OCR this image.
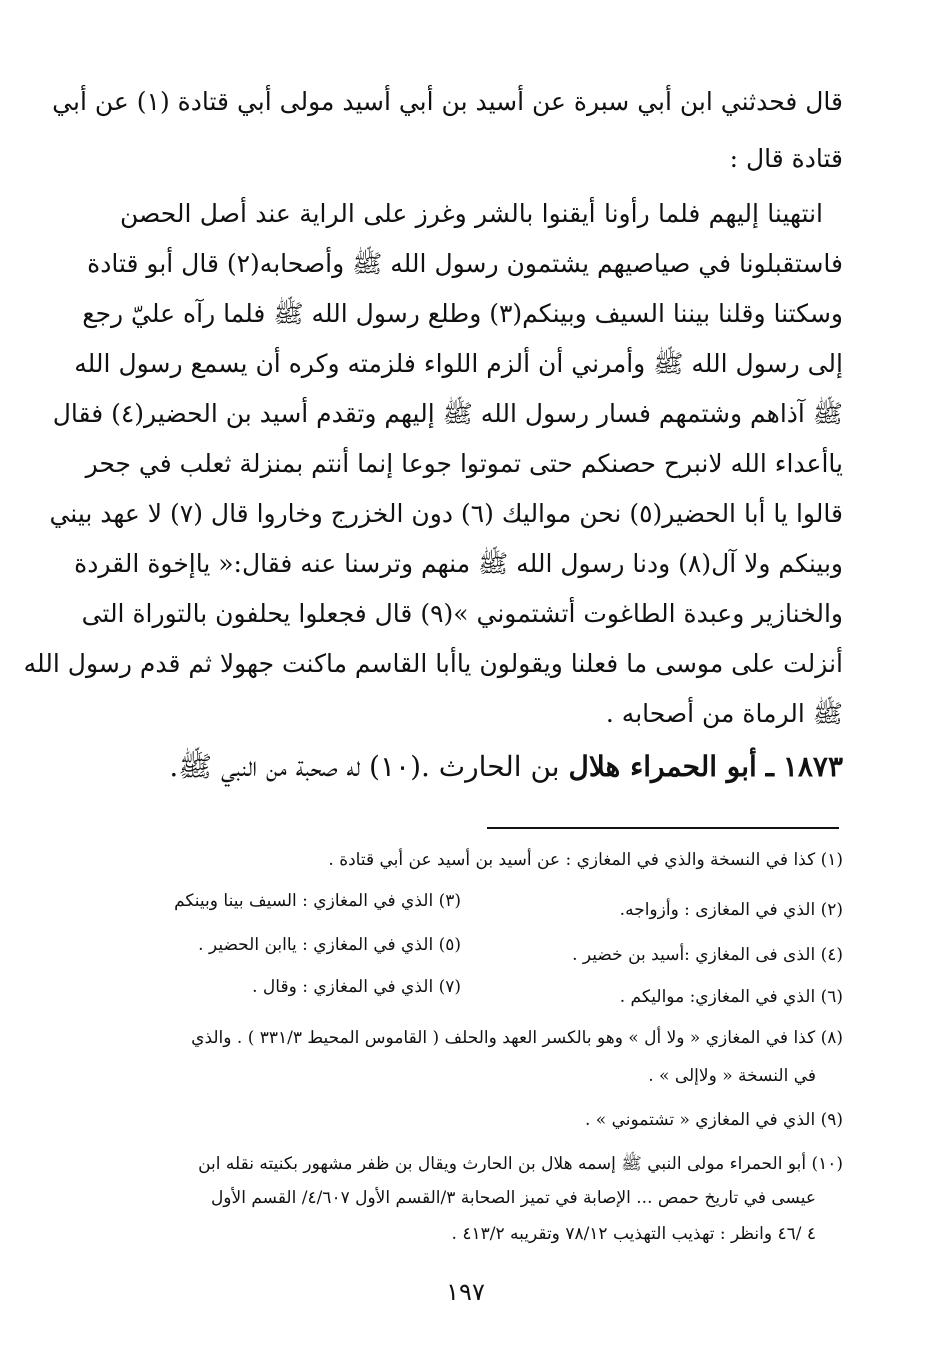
قال فحدثني ابن أبي سبرة عن أسيد بن أبي أسيد مولى أبي قتادة (١) عن أبي
قتادة قال :
انتهينا إليهم فلما رأونا أيقنوا بالشر وغرز على الراية عند أصل الحصن
فاستقبلونا في صياصيهم يشتمون رسول الله ﷺ وأصحابه(٢) قال أبو قتادة
وسكتنا وقلنا بيننا السيف وبينكم(٣) وطلع رسول الله ﷺ فلما رآه عليّ رجع
إلى رسول الله ﷺ وأمرني أن ألزم اللواء فلزمته وكره أن يسمع رسول الله
ﷺ آذاهم وشتمهم فسار رسول الله ﷺ إليهم وتقدم أسيد بن الحضير(٤) فقال
ياأعداء الله لانبرح حصنكم حتى تموتوا جوعا إنما أنتم بمنزلة ثعلب في جحر
قالوا يا أبا الحضير(٥) نحن مواليك (٦) دون الخزرج وخاروا قال (٧) لا عهد بيني
وبينكم ولا آل(٨) ودنا رسول الله ﷺ منهم وترسنا عنه فقال:« ياإخوة القردة
والخنازير وعبدة الطاغوت أتشتموني »(٩) قال فجعلوا يحلفون بالتوراة التى
أنزلت على موسى ما فعلنا ويقولون ياأبا القاسم ماكنت جهولا ثم قدم رسول الله
ﷺ الرماة من أصحابه .
١٨٧٣ ـ أبو الحمراء هلال بن الحارث .(١٠) له صحبة من النبي ﷺ.
(١) كذا في النسخة والذي في المغازي : عن أسيد بن أسيد عن أبي قتادة .
(٢) الذي في المغازى : وأزواجه.
(٣) الذي في المغازي : السيف بينا وبينكم
(٤) الذى فى المغازي :أسيد بن خضير .
(٥) الذي في المغازي : ياابن الحضير .
(٦) الذي في المغازي: مواليكم .
(٧) الذي في المغازي : وقال .
(٨) كذا في المغازي « ولا أل » وهو بالكسر العهد والحلف ( القاموس المحيط ٣٣١/٣ ) . والذي
في النسخة « ولاإلى » .
(٩) الذي في المغازي « تشتموني » .
(١٠) أبو الحمراء مولى النبي ﷺ إسمه هلال بن الحارث ويقال بن ظفر مشهور بكنيته نقله ابن
عيسى في تاريخ حمص ... الإصابة في تميز الصحابة ٣/القسم الأول ٤/٦٠٧/ القسم الأول
٤ /٤٦ وانظر : تهذيب التهذيب ٧٨/١٢ وتقريبه ٤١٣/٢ .
١٩٧
